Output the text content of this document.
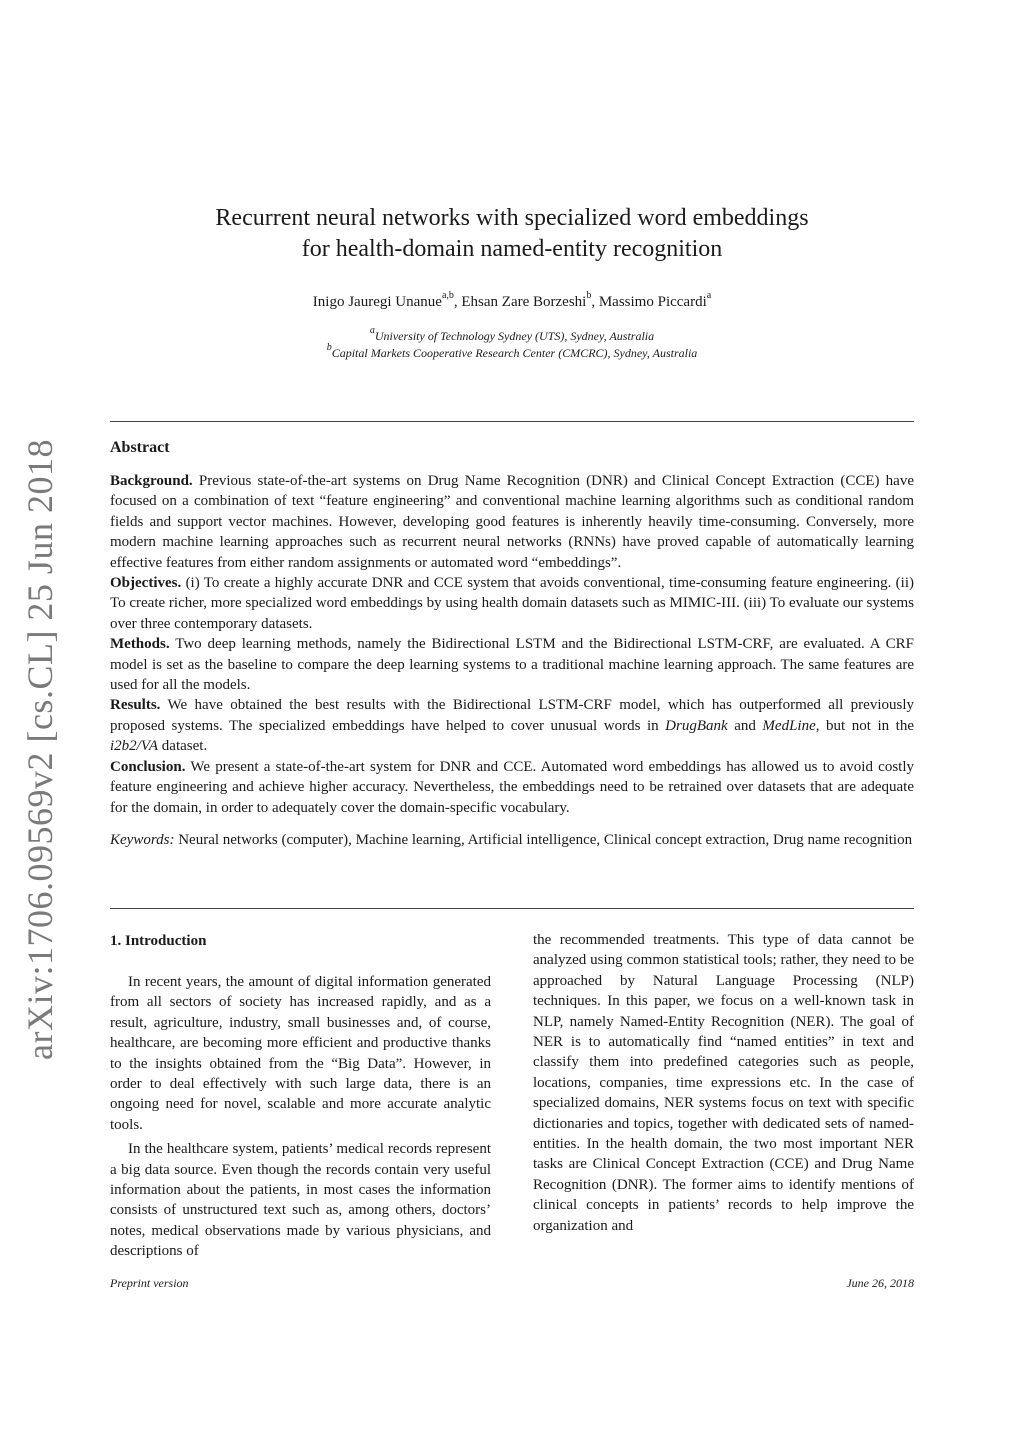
arXiv:1706.09569v2 [cs.CL] 25 Jun 2018
Recurrent neural networks with specialized word embeddings
for health-domain named-entity recognition
Inigo Jauregi Unanue$^{a,b}$, Ehsan Zare Borzeshi$^b$, Massimo Piccardi$^a$
$^a$University of Technology Sydney (UTS), Sydney, Australia
$^b$Capital Markets Cooperative Research Center (CMCRC), Sydney, Australia
Abstract

Background. Previous state-of-the-art systems on Drug Name Recognition (DNR) and Clinical Concept Extraction (CCE) have focused on a combination of text “feature engineering” and conventional machine learning algorithms such as conditional random fields and support vector machines. However, developing good features is inherently heavily time-consuming. Conversely, more modern machine learning approaches such as recurrent neural networks (RNNs) have proved capable of automatically learning effective features from either random assignments or automated word “embeddings”.

Objectives. (i) To create a highly accurate DNR and CCE system that avoids conventional, time-consuming feature engineering. (ii) To create richer, more specialized word embeddings by using health domain datasets such as MIMIC-III. (iii) To evaluate our systems over three contemporary datasets.

Methods. Two deep learning methods, namely the Bidirectional LSTM and the Bidirectional LSTM-CRF, are evaluated. A CRF model is set as the baseline to compare the deep learning systems to a traditional machine learning approach. The same features are used for all the models.

Results. We have obtained the best results with the Bidirectional LSTM-CRF model, which has outperformed all previously proposed systems. The specialized embeddings have helped to cover unusual words in DrugBank and MedLine, but not in the i2b2/VA dataset.

Conclusion. We present a state-of-the-art system for DNR and CCE. Automated word embeddings has allowed us to avoid costly feature engineering and achieve higher accuracy. Nevertheless, the embeddings need to be retrained over datasets that are adequate for the domain, in order to adequately cover the domain-specific vocabulary.

Keywords: Neural networks (computer), Machine learning, Artificial intelligence, Clinical concept extraction, Drug name recognition

1. Introduction

In recent years, the amount of digital information generated from all sectors of society has increased rapidly, and as a result, agriculture, industry, small businesses and, of course, healthcare, are becoming more efficient and productive thanks to the insights obtained from the “Big Data”. However, in order to deal effectively with such large data, there is an ongoing need for novel, scalable and more accurate analytic tools.

In the healthcare system, patients’ medical records represent a big data source. Even though the records contain very useful information about the patients, in most cases the information consists of unstructured text such as, among others, doctors’ notes, medical observations made by various physicians, and descriptions of

the recommended treatments. This type of data cannot be analyzed using common statistical tools; rather, they need to be approached by Natural Language Processing (NLP) techniques. In this paper, we focus on a well-known task in NLP, namely Named-Entity Recognition (NER). The goal of NER is to automatically find “named entities” in text and classify them into predefined categories such as people, locations, companies, time expressions etc. In the case of specialized domains, NER systems focus on text with specific dictionaries and topics, together with dedicated sets of named-entities. In the health domain, the two most important NER tasks are Clinical Concept Extraction (CCE) and Drug Name Recognition (DNR). The former aims to identify mentions of clinical concepts in patients’ records to help improve the organization and

Preprint version	June 26, 2018
